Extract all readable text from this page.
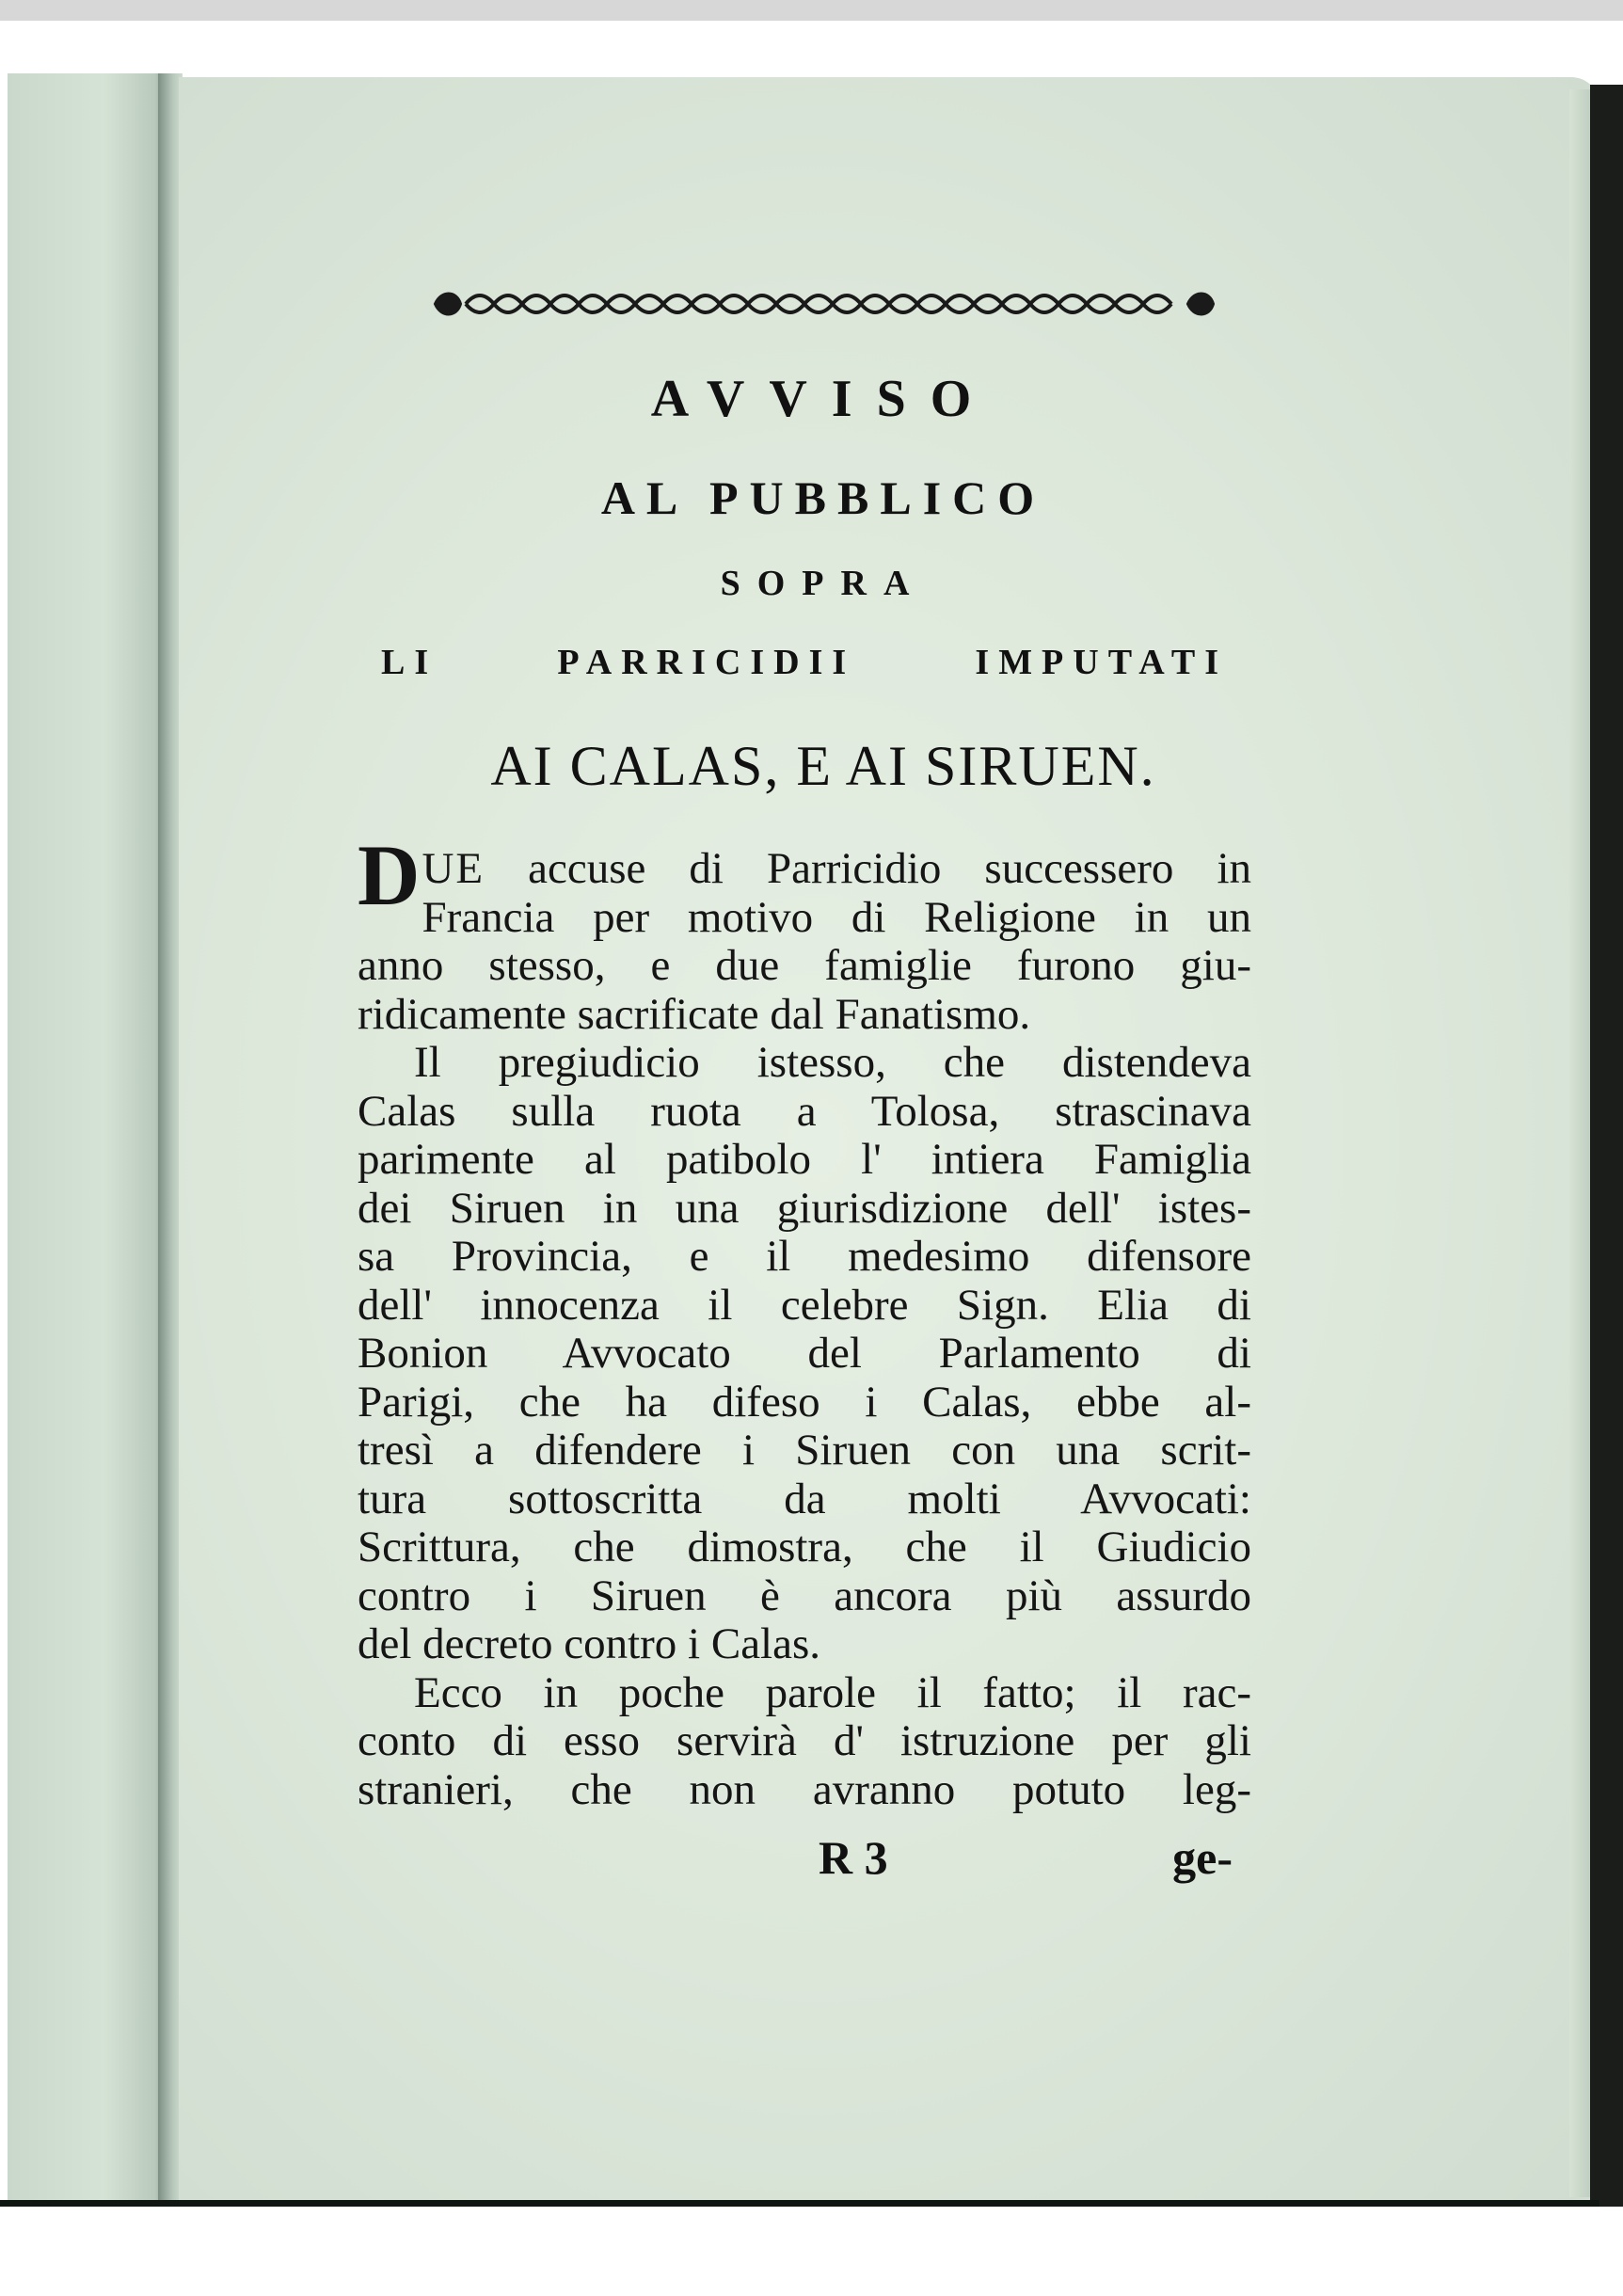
AVVISO
AL PUBBLICO
SOPRA
LI PARRICIDII IMPUTATI
AI CALAS, E AI SIRUEN.
D UE accuse di Parricidio successero in
Francia per motivo di Religione in un
anno stesso, e due famiglie furono giu-
ridicamente sacrificate dal Fanatismo.
Il pregiudicio istesso, che distendeva
Calas sulla ruota a Tolosa, strascinava
parimente al patibolo l' intiera Famiglia
dei Siruen in una giurisdizione dell' istes-
sa Provincia, e il medesimo difensore
dell' innocenza il celebre Sign. Elia di
Bonion Avvocato del Parlamento di
Parigi, che ha difeso i Calas, ebbe al-
tresì a difendere i Siruen con una scrit-
tura sottoscritta da molti Avvocati:
Scrittura, che dimostra, che il Giudicio
contro i Siruen è ancora più assurdo
del decreto contro i Calas.
Ecco in poche parole il fatto; il rac-
conto di esso servirà d' istruzione per gli
stranieri, che non avranno potuto leg-
R 3	ge-
